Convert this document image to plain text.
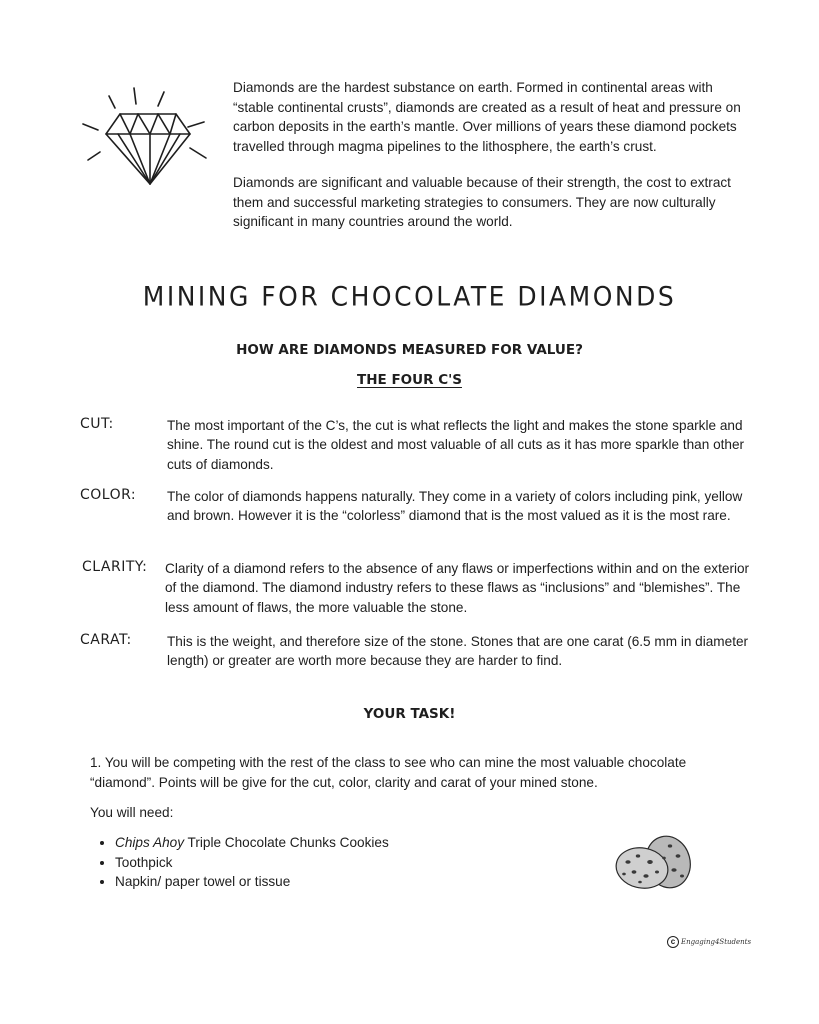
Diamonds are the hardest substance on earth. Formed in continental areas with “stable continental crusts”, diamonds are created as a result of heat and pressure on carbon deposits in the earth’s mantle. Over millions of years these diamond pockets travelled through magma pipelines to the lithosphere, the earth’s crust.

Diamonds are significant and valuable because of their strength, the cost to extract them and successful marketing strategies to consumers. They are now culturally significant in many countries around the world.

MINING FOR CHOCOLATE DIAMONDS
HOW ARE DIAMONDS MEASURED FOR VALUE?
THE FOUR C'S
CUT:	The most important of the C’s, the cut is what reflects the light and makes the stone sparkle and shine. The round cut is the oldest and most valuable of all cuts as it has more sparkle than other cuts of diamonds.
COLOR: The color of diamonds happens naturally. They come in a variety of colors including pink, yellow and brown. However it is the “colorless” diamond that is the most valued as it is the most rare.
CLARITY: Clarity of a diamond refers to the absence of any flaws or imperfections within and on the exterior of the diamond. The diamond industry refers to these flaws as “inclusions” and “blemishes”. The less amount of flaws, the more valuable the stone.
CARAT:	This is the weight, and therefore size of the stone. Stones that are one carat (6.5 mm in diameter length) or greater are worth more because they are harder to find.
YOUR TASK!

1. You will be competing with the rest of the class to see who can mine the most valuable chocolate “diamond”. Points will be give for the cut, color, clarity and carat of your mined stone.

You will need:

• Chips Ahoy Triple Chocolate Chunks Cookies
• Toothpick
• Napkin/ paper towel or tissue
c Engaging4Students
